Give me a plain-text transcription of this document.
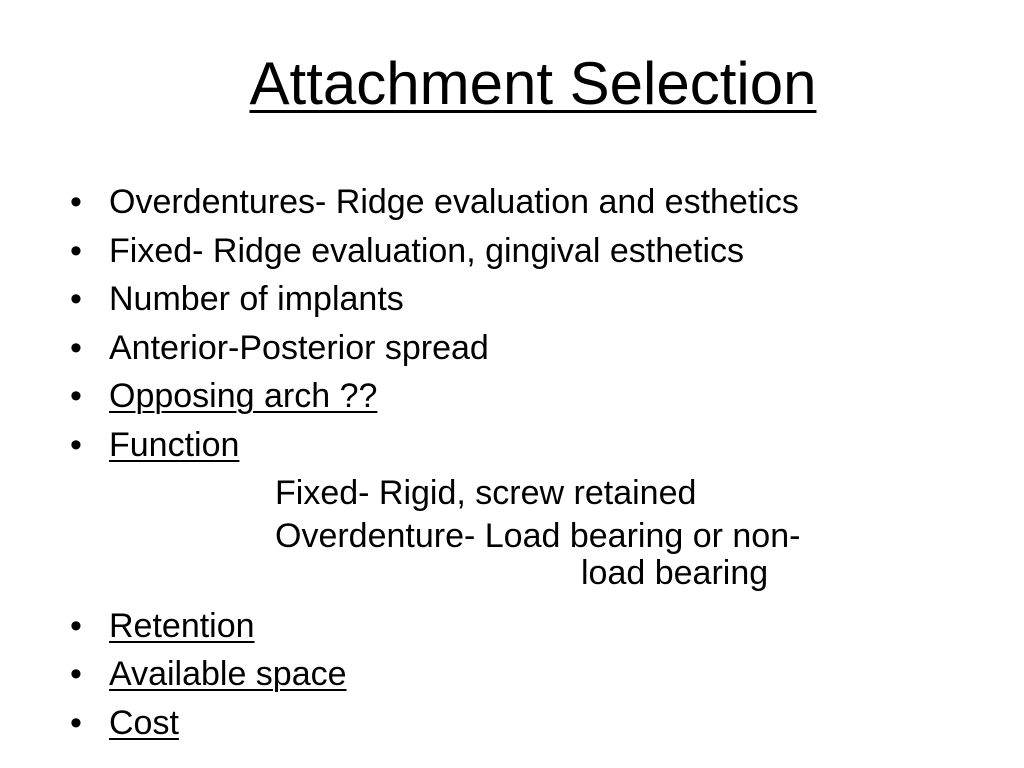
Attachment Selection
• Overdentures- Ridge evaluation and esthetics
• Fixed- Ridge evaluation, gingival esthetics
• Number of implants
• Anterior-Posterior spread
• Opposing arch ??
• Function
Fixed- Rigid, screw retained
Overdenture- Load bearing or non-
load bearing
• Retention
• Available space
• Cost
